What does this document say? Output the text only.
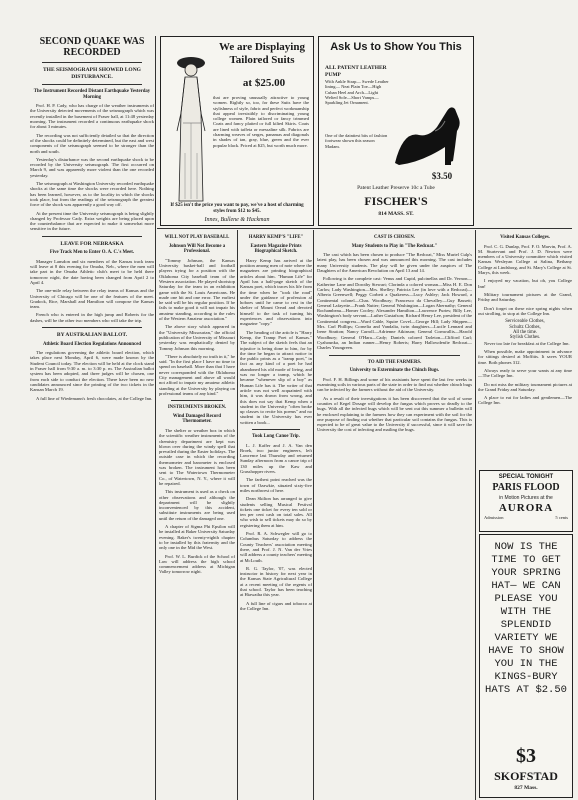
SECOND QUAKE WAS RECORDED
THE SEISMOGRAPH SHOWED LONG DISTURBANCE.
The Instrument Recorded Distant Earthquake Yesterday Morning

Prof. H. P. Cady, who has charge of the weather instruments of the University detected movements of the seismograph which was recently installed in the basement of Fraser hall, at 11:48 yesterday morning. The instrument recorded a continuous earthquake shock for about 3 minutes.

The recording was not sufficiently detailed so that the direction of the shocks could be definitely determined, but the east and west components of the seismograph seemed to be stronger than the north and south.

Yesterday's disturbance was the second earthquake shock to be recorded by the University seismograph. The first occurred on March 9, and was apparently more violent than the one recorded yesterday.

The seismograph at Washington University recorded earthquake shocks at the same time the shocks were recorded here. Nothing has been learned, however, as to the locality in which the shocks took place, but from the readings of the seismograph the greatest force of the shock was apparently a good way off.

At the present time the University seismograph is being slightly changed by Professor Cady. Extra weights are being placed upon the counterbalance that are expected to make it somewhat more sensitive in the future.

LEAVE FOR NEBRASKA
Five Track Men to Enter O. A. C.'s Meet.

Manager Lansdon and six members of the Kansas track team will leave at 8 this evening for Omaha, Neb., where the men will take part in the Omaha Athletic club's meet to be held there tomorrow night, the date having been changed from April 2 to April 4.

The one-mile relay between the relay teams of Kansas and the University of Chicago will be one of the features of the meet. Gradock, Rice, Marshall and Hamilton will compose the Kansas team.

French who is entered in the high jump and Roberts for the dashes, will be the other two members who will take the trip.

BY AUSTRALIAN BALLOT.
Athletic Board Election Regulations Announced

The regulations governing the athletic board election, which takes place next Monday, April 6, were made known by the Student Council today. The election will be held at the clock stand in Fraser hall from 9:30 a. m. to 3:30 p. m. The Australian ballot system has been adopted, and three judges will be chosen, one from each side to conduct the election. There have been no new candidates announced since the printing of the two tickets in the Kansan March 19.

A full line of Wiedemann's fresh chocolates, at the College Inn.

We are Displaying Tailored Suits
at $25.00

that are proving unusually attractive to young women. Rightly so, too, for these Suits have the stylishness of style, fabric and perfect workmanship that appeal irresistibly to discriminating young college women. Plain tailored or fancy trimmed Coats and fancy plaited or full kilted Skirts. Coats are lined with taffeta or messaline silk. Fabrics are charming weaves of serges, panamas and diagonals in shades of tan, gray, blue, green and the ever popular black. Priced at $25, but worth much more.

If $25 isn't the price you want to pay, we've a host of charming styles from $12 to $45.
Innes, Bullene & Hackman
Ask Us to Show You This
ALL PATENT LEATHER PUMP
With Ankle Strap— Swede Leather lining— Neat Plain Toe—High Cuban Heel and Arch—Light Welted Sole—Short Vamps— Sparkling Jet Ornament.
One of the daintiest bits of fashion footwear shown this season Madam.
$3.50
Patent Leather Preserve 10c a Tube
FISCHER'S
814 MASS. ST.
WILL NOT PLAY BASEBALL
Johnson Will Not Become a Professional.

"Tommy Johnson, the Kansas University basket-ball and football players trying for a position with the Oklahoma City baseball team of the Western association. He played shortstop Saturday for the team in an exhibition game with the St. Louis Americans. He made one hit and one error. The earliest he said will be his regular position. If he fails to make good it will not impair his amateur standing, according to the rules of the Western Amateur association."

The above story which appeared in the "University Missourian," the official publication of the University of Missouri yesterday was emphatically denied by Tommy Johnson this morning.

"There is absolutely no truth in it," he said. "In the first place I have no time to spend on baseball. More than that I have never corresponded with the Oklahoma City management and above all would not afford to impair my amateur athletic standing at the University by playing on professional teams of any kind."

INSTRUMENTS BROKEN.
Wind Damaged Record Thermometer.

The shelter or weather box in which the scientific weather instruments of the chemistry department are kept was blown over during the windy spell that prevailed during the Easter holidays. The outside case in which the recording thermometer and barometer is enclosed was broken. The instrument has been sent to The Watertown Thermometer Co., of Watertown, N. Y., where it will be repaired.

This instrument is used as a check on other observations and although the department will be slightly inconvenienced by this accident, substitute instruments are being used until the return of the damaged one.

A chapter of Sigma Phi Epsilon will be installed at Baker University Saturday evening. Baker's twenty-eighth chapter to be installed by this fraternity and the only one in the Mid the West.

Prof. W. L. Burdick of the School of Law will address the high school commencement address at Michigan Valley tomorrow night.

HARRY KEMP'S "LIFE"
Eastern Magazine Prints Biographical Sketch.

Harry Kemp has arrived at the position among men of note where the magazines are printing biographical articles about him. "Human Life" for April has a half-page sketch of the Kansas poet, which traces his life from the time when he "took the road" under the guidance of profession al hoboes until he came to rest in the shelter of Mount Oread and devoted himself to the task of turning his experiences and observations into magazine "copy."

The heading of the article is "Harry Kemp, the Tramp Poet of Kansas." The subject of the sketch feels that an injustice is being done to him, for by the time he began to attract notice in the public prints as a "tramp poet," in fact as any kind of a poet he had abandoned his old mode of living, and was no longer a tramp, which he became "whenever slip of a boy" as Human Life has it. The writer of that article was not well acquainted with him, it was drawn from wrong, and this does not say that Kemp when a student in the University "often broke up classes to recite his poems" and no student in the University has ever written a book...

Took Long Canoe Trip.

L. J. Kaffer and J. A. Van den Broek, two junior engineers, left Lawrence last Thursday and returned Sunday afternoon from a canoe trip of 130 miles up the Kaw and Grasshopper rivers.

The farthest point reached was the town of Ozawkie, situated sixty-five miles northwest of here.

Dean Skilton has arranged to give students selling Musical Festival tickets one ticket for every ten sold or ten per cent cash on total sales. All who wish to sell tickets may do so by registering them at him.

Prof. R. A. Schwegler will go to Columbus Saturday to address the County Teachers' association meeting there, and Prof. J. N. Van der Vries will address a county teachers' meeting at McLouth.

R. G. Taylor, '07, was elected instructor in history for next year in the Kansas State Agricultural College at a recent meeting of the regents of that school. Taylor has been teaching at Hiawatha this year.

A full line of cigars and tobacco at the College Inn.

CAST IS CHOSEN.
Many Students to Play in "The Redcoat."

The cast which has been chosen to produce "The Redcoat," Miss Muriel Culp's latest play, has been chosen and was announced this morning. The cast includes many University students. The play will be given under the auspices of The Daughters of the American Revolution on April 13 and 14.

Following is the complete cast: Venus and Cupid, pulcinellas and Dr. Vernon—Katherine Lane and Dorothy Stewart; Clorinda a colored woman—Miss H. E. Don Carlos; Lady Washington—Mrs. Shelley; Patricia Lee (in love with a Redcoat)—Alberta Greenwell; Peggy Corbett a Quakeress—Lucy Ashley; Jack Howard, a Continental colonel—Chas. Woodbury; Francesco da Chevalley—Guy Bassett; General Lafayette—Frank Nutter; General Washington—Logan Abernathy; General Rochambeau—Homer Cooley; Alexander Hamilton—Lawrence Purtes; Billy Lee, Washington's body servant—Luther Gustafson; Richard Henry Lee, president of the Continental congress—Ward Cable, Squire Covel—George Hill; Lady Shippen—Mrs. Carl Phillips; Cornelia and Vandalia, twin daughters—Lucile Lennard and Irene Stratton; Nancy Carroll—Adrienne Atkinson; General Cornwallis—Harold Woodbury; General O'Hara—Cady; Daniels colored Tarleton—Clifford Carl; Cyahounka, an Indian runner—Henry Roberts; Harry Hallowdenfie Redcoat—Charles Youngreen.

TO AID THE FARMERS.
University to Exterminate the Chinch Bugs.

Prof. F. H. Billings and some of his assistants have spent the last few weeks in examining soils in various parts of the state in order to find out whether chinch bugs can be infected by the farmers without the aid of the University.

As a result of their investigations it has been discovered that the soil of some counties of Kegel Dosage will develop the fungus which proves so deadly to the bugs. With all the infected bugs which will be sent out this summer a bulletin will be enclosed explaining to the farmers how they can experiment with the soil for the one purpose of finding out whether that particular soil contains the fungus. This is expected to be of great value to the University if successful, since it will save the University the cost of infecting and mailing the bugs.

Visited Kansas Colleges.

Prof. C. G. Dunlap, Prof. F. O. Marvin, Prof. A. M. Sturtevant and Prof. J. D. Newton were members of a University committee which visited Kansas Wesleyan College at Salina, Bethany College at Lindsborg, and St. Mary's College at St. Marys, this week.

I enjoyed my vacation, but oh, you College Inn!

Military tournament pictures at the Grand, Friday and Saturday.

Don't forget on these nice spring nights when out strolling, to stop at the College Inn.

Serviceable Clothes,
Schultz Clothes,
All the time.
Stylish Clothes.

Never too late for breakfast at the College Inn.

When possible, make appointment in advance for sittings desired at Moffitts. It saves YOUR time. Both phones 312.

Always ready to serve your wants at any time—The College Inn.

Do not miss the military tournament pictures at the Grand Friday and Saturday.

A place to eat for ladies and gentlemen—The College Inn.

SPECIAL TONIGHT
PARIS FLOOD
in Motion Pictures at the
AURORA
Admission	5 cents
NOW IS THE TIME TO GET YOUR SPRING HAT— WE CAN PLEASE YOU WITH THE SPLENDID VARIETY WE HAVE TO SHOW YOU IN THE KINGS-BURY HATS AT $2.50
$3
SKOFSTAD
827 Mass.
